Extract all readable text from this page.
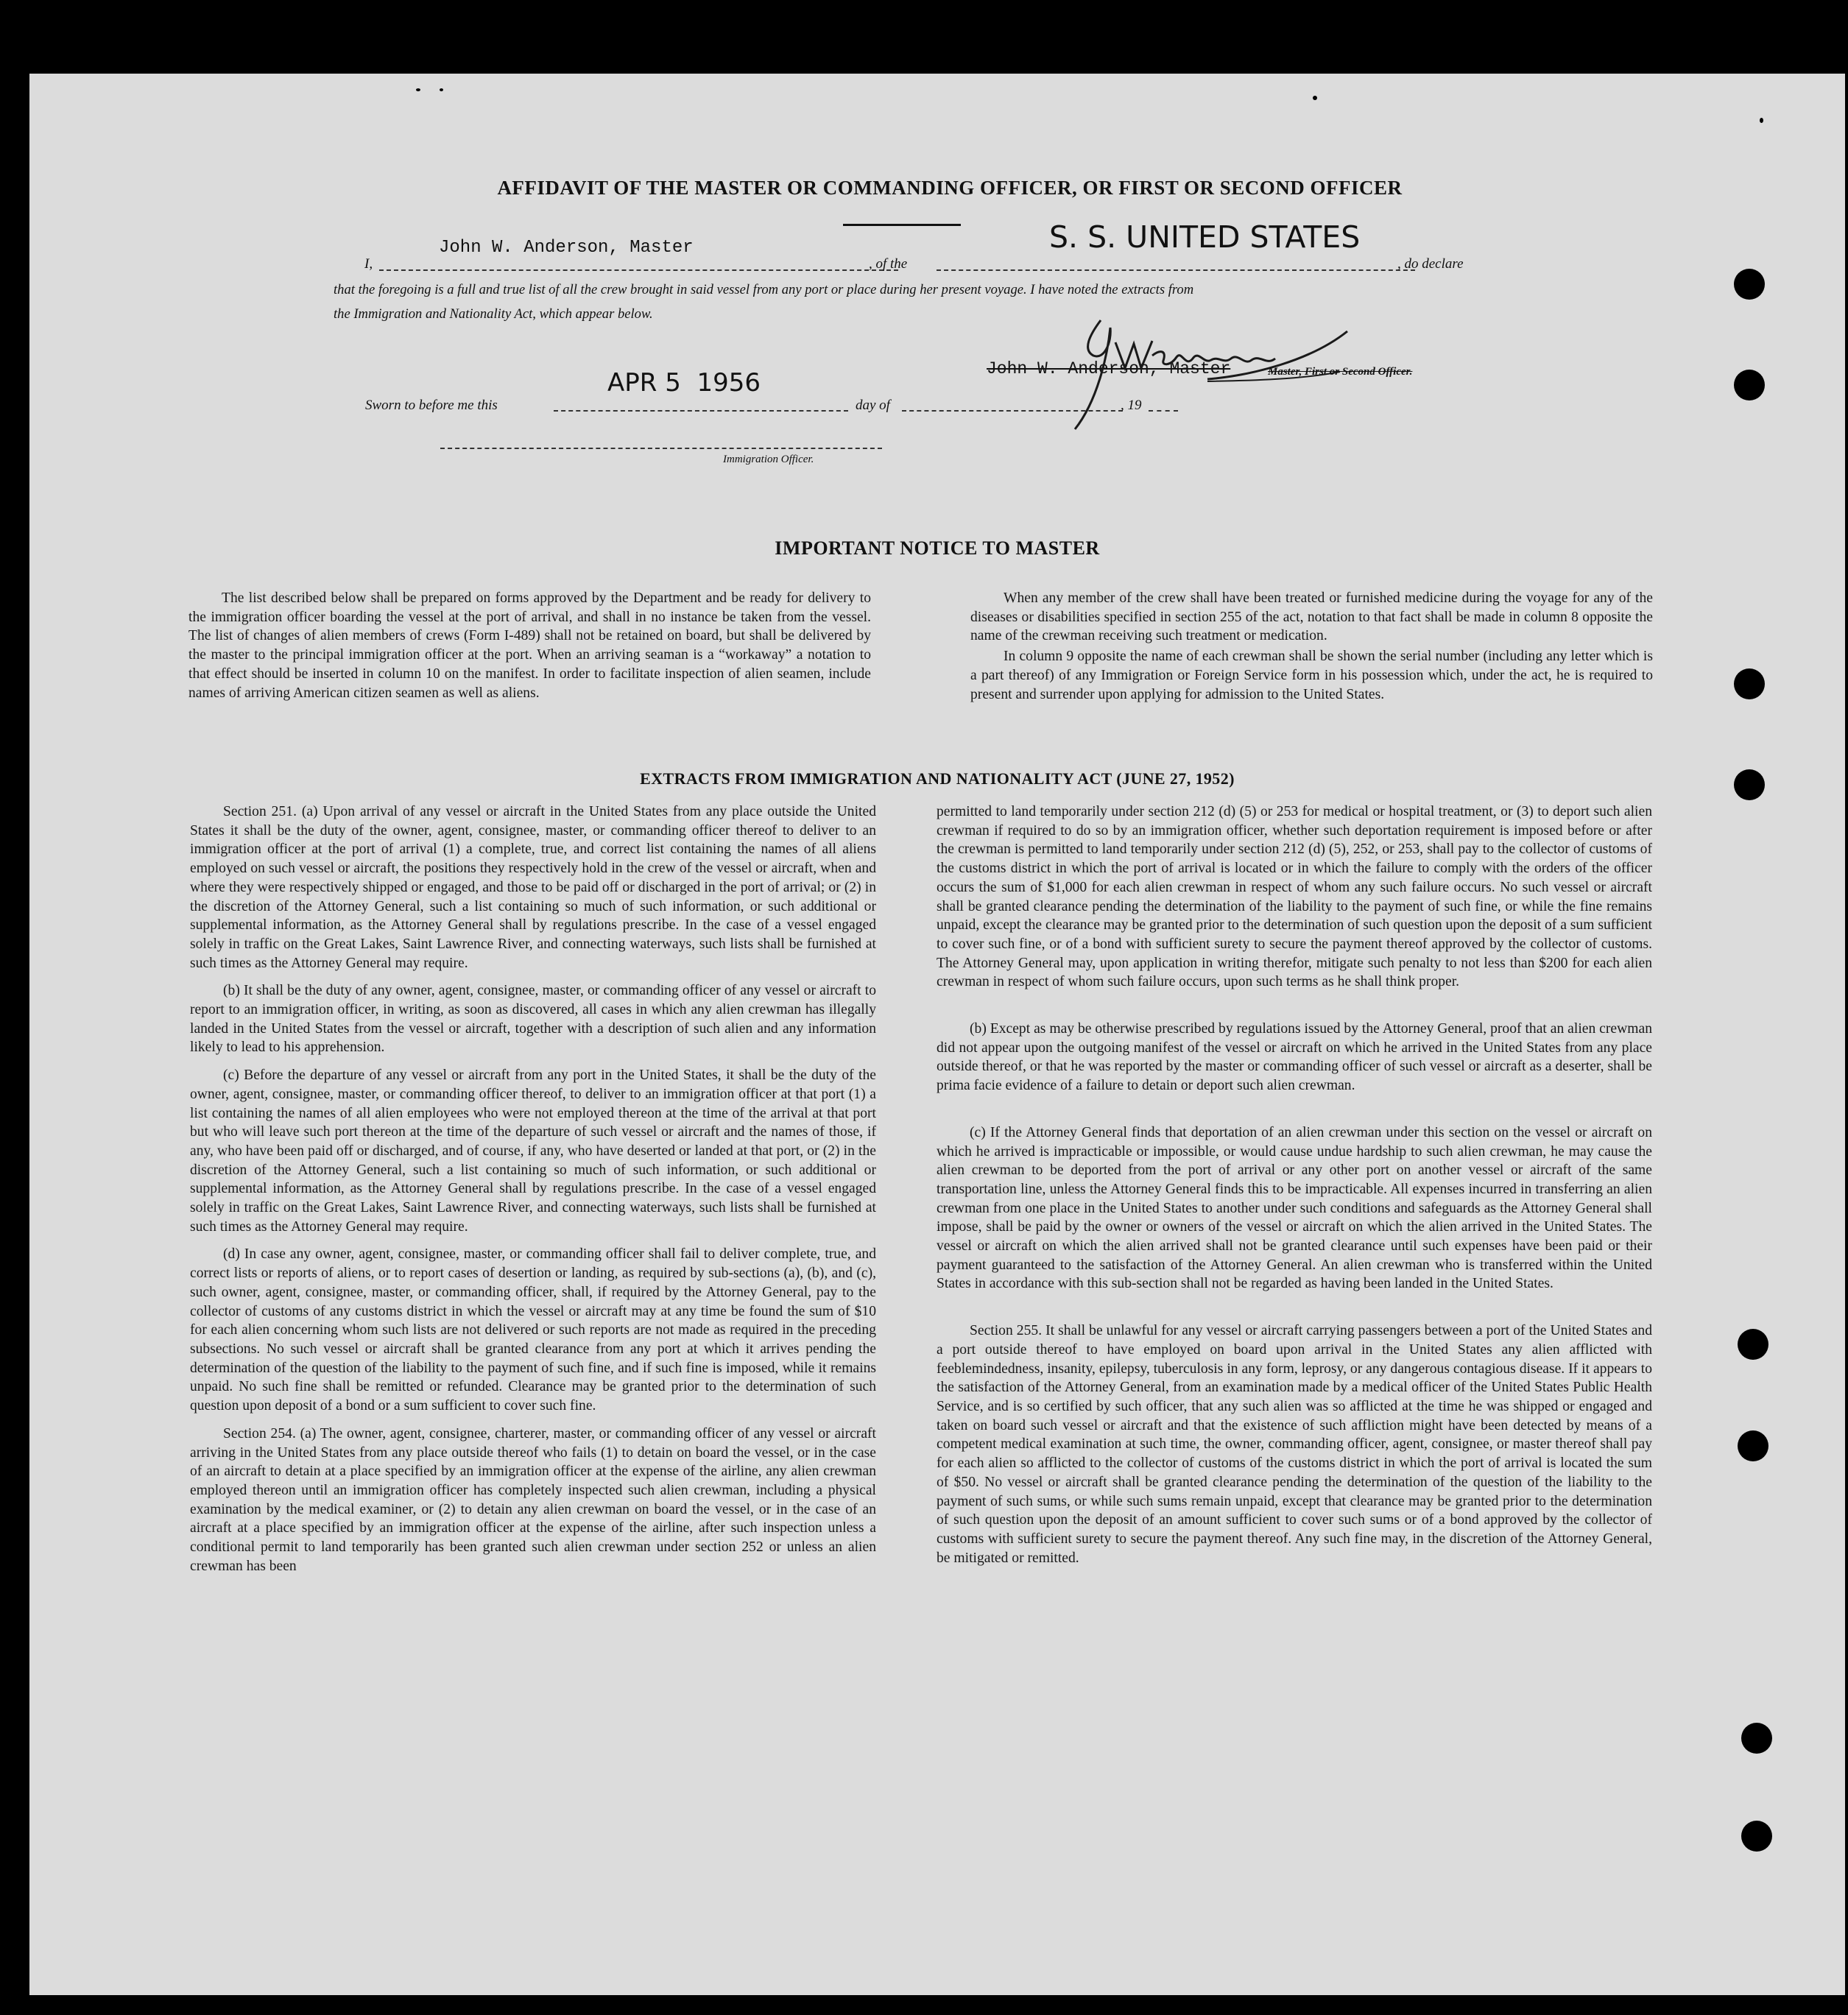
AFFIDAVIT OF THE MASTER OR COMMANDING OFFICER, OR FIRST OR SECOND OFFICER
I,
John W. Anderson, Master
, of the
S. S. UNITED STATES
, do declare
that the foregoing is a full and true list of all the crew brought in said vessel from any port or place during her present voyage. I have noted the extracts from
the Immigration and Nationality Act, which appear below.
John W. Anderson, Master	Master, First or Second Officer.
Sworn to before me this
APR 5  1956
day of	, 19
Immigration Officer.
IMPORTANT NOTICE TO MASTER

The list described below shall be prepared on forms approved by the Department and be ready for delivery to the immigration officer boarding the vessel at the port of arrival, and shall in no instance be taken from the vessel. The list of changes of alien members of crews (Form I-489) shall not be retained on board, but shall be delivered by the master to the principal immigration officer at the port. When an arriving seaman is a “workaway” a notation to that effect should be inserted in column 10 on the manifest. In order to facilitate inspection of alien seamen, include names of arriving American citizen seamen as well as aliens.

When any member of the crew shall have been treated or furnished medicine during the voyage for any of the diseases or disabilities specified in section 255 of the act, notation to that fact shall be made in column 8 opposite the name of the crewman receiving such treatment or medication.

In column 9 opposite the name of each crewman shall be shown the serial number (including any letter which is a part thereof) of any Immigration or Foreign Service form in his possession which, under the act, he is required to present and surrender upon applying for admission to the United States.

EXTRACTS FROM IMMIGRATION AND NATIONALITY ACT (JUNE 27, 1952)

Section 251. (a) Upon arrival of any vessel or aircraft in the United States from any place outside the United States it shall be the duty of the owner, agent, consignee, master, or commanding officer thereof to deliver to an immigration officer at the port of arrival (1) a complete, true, and correct list containing the names of all aliens employed on such vessel or aircraft, the positions they respectively hold in the crew of the vessel or aircraft, when and where they were respectively shipped or engaged, and those to be paid off or discharged in the port of arrival; or (2) in the discretion of the Attorney General, such a list containing so much of such information, or such additional or supplemental information, as the Attorney General shall by regulations prescribe. In the case of a vessel engaged solely in traffic on the Great Lakes, Saint Lawrence River, and connecting waterways, such lists shall be furnished at such times as the Attorney General may require.

(b) It shall be the duty of any owner, agent, consignee, master, or commanding officer of any vessel or aircraft to report to an immigration officer, in writing, as soon as discovered, all cases in which any alien crewman has illegally landed in the United States from the vessel or aircraft, together with a description of such alien and any information likely to lead to his apprehension.

(c) Before the departure of any vessel or aircraft from any port in the United States, it shall be the duty of the owner, agent, consignee, master, or commanding officer thereof, to deliver to an immigration officer at that port (1) a list containing the names of all alien employees who were not employed thereon at the time of the arrival at that port but who will leave such port thereon at the time of the departure of such vessel or aircraft and the names of those, if any, who have been paid off or discharged, and of course, if any, who have deserted or landed at that port, or (2) in the discretion of the Attorney General, such a list containing so much of such information, or such additional or supplemental information, as the Attorney General shall by regulations prescribe. In the case of a vessel engaged solely in traffic on the Great Lakes, Saint Lawrence River, and connecting waterways, such lists shall be furnished at such times as the Attorney General may require.

(d) In case any owner, agent, consignee, master, or commanding officer shall fail to deliver complete, true, and correct lists or reports of aliens, or to report cases of desertion or landing, as required by sub-sections (a), (b), and (c), such owner, agent, consignee, master, or commanding officer, shall, if required by the Attorney General, pay to the collector of customs of any customs district in which the vessel or aircraft may at any time be found the sum of $10 for each alien concerning whom such lists are not delivered or such reports are not made as required in the preceding subsections. No such vessel or aircraft shall be granted clearance from any port at which it arrives pending the determination of the question of the liability to the payment of such fine, and if such fine is imposed, while it remains unpaid. No such fine shall be remitted or refunded. Clearance may be granted prior to the determination of such question upon deposit of a bond or a sum sufficient to cover such fine.

Section 254. (a) The owner, agent, consignee, charterer, master, or commanding officer of any vessel or aircraft arriving in the United States from any place outside thereof who fails (1) to detain on board the vessel, or in the case of an aircraft to detain at a place specified by an immigration officer at the expense of the airline, any alien crewman employed thereon until an immigration officer has completely inspected such alien crewman, including a physical examination by the medical examiner, or (2) to detain any alien crewman on board the vessel, or in the case of an aircraft at a place specified by an immigration officer at the expense of the airline, after such inspection unless a conditional permit to land temporarily has been granted such alien crewman under section 252 or unless an alien crewman has been

permitted to land temporarily under section 212 (d) (5) or 253 for medical or hospital treatment, or (3) to deport such alien crewman if required to do so by an immigration officer, whether such deportation requirement is imposed before or after the crewman is permitted to land temporarily under section 212 (d) (5), 252, or 253, shall pay to the collector of customs of the customs district in which the port of arrival is located or in which the failure to comply with the orders of the officer occurs the sum of $1,000 for each alien crewman in respect of whom any such failure occurs. No such vessel or aircraft shall be granted clearance pending the determination of the liability to the payment of such fine, or while the fine remains unpaid, except the clearance may be granted prior to the determination of such question upon the deposit of a sum sufficient to cover such fine, or of a bond with sufficient surety to secure the payment thereof approved by the collector of customs. The Attorney General may, upon application in writing therefor, mitigate such penalty to not less than $200 for each alien crewman in respect of whom such failure occurs, upon such terms as he shall think proper.

(b) Except as may be otherwise prescribed by regulations issued by the Attorney General, proof that an alien crewman did not appear upon the outgoing manifest of the vessel or aircraft on which he arrived in the United States from any place outside thereof, or that he was reported by the master or commanding officer of such vessel or aircraft as a deserter, shall be prima facie evidence of a failure to detain or deport such alien crewman.

(c) If the Attorney General finds that deportation of an alien crewman under this section on the vessel or aircraft on which he arrived is impracticable or impossible, or would cause undue hardship to such alien crewman, he may cause the alien crewman to be deported from the port of arrival or any other port on another vessel or aircraft of the same transportation line, unless the Attorney General finds this to be impracticable. All expenses incurred in transferring an alien crewman from one place in the United States to another under such conditions and safeguards as the Attorney General shall impose, shall be paid by the owner or owners of the vessel or aircraft on which the alien arrived in the United States. The vessel or aircraft on which the alien arrived shall not be granted clearance until such expenses have been paid or their payment guaranteed to the satisfaction of the Attorney General. An alien crewman who is transferred within the United States in accordance with this sub-section shall not be regarded as having been landed in the United States.

Section 255. It shall be unlawful for any vessel or aircraft carrying passengers between a port of the United States and a port outside thereof to have employed on board upon arrival in the United States any alien afflicted with feeblemindedness, insanity, epilepsy, tuberculosis in any form, leprosy, or any dangerous contagious disease. If it appears to the satisfaction of the Attorney General, from an examination made by a medical officer of the United States Public Health Service, and is so certified by such officer, that any such alien was so afflicted at the time he was shipped or engaged and taken on board such vessel or aircraft and that the existence of such affliction might have been detected by means of a competent medical examination at such time, the owner, commanding officer, agent, consignee, or master thereof shall pay for each alien so afflicted to the collector of customs of the customs district in which the port of arrival is located the sum of $50. No vessel or aircraft shall be granted clearance pending the determination of the question of the liability to the payment of such sums, or while such sums remain unpaid, except that clearance may be granted prior to the determination of such question upon the deposit of an amount sufficient to cover such sums or of a bond approved by the collector of customs with sufficient surety to secure the payment thereof. Any such fine may, in the discretion of the Attorney General, be mitigated or remitted.
